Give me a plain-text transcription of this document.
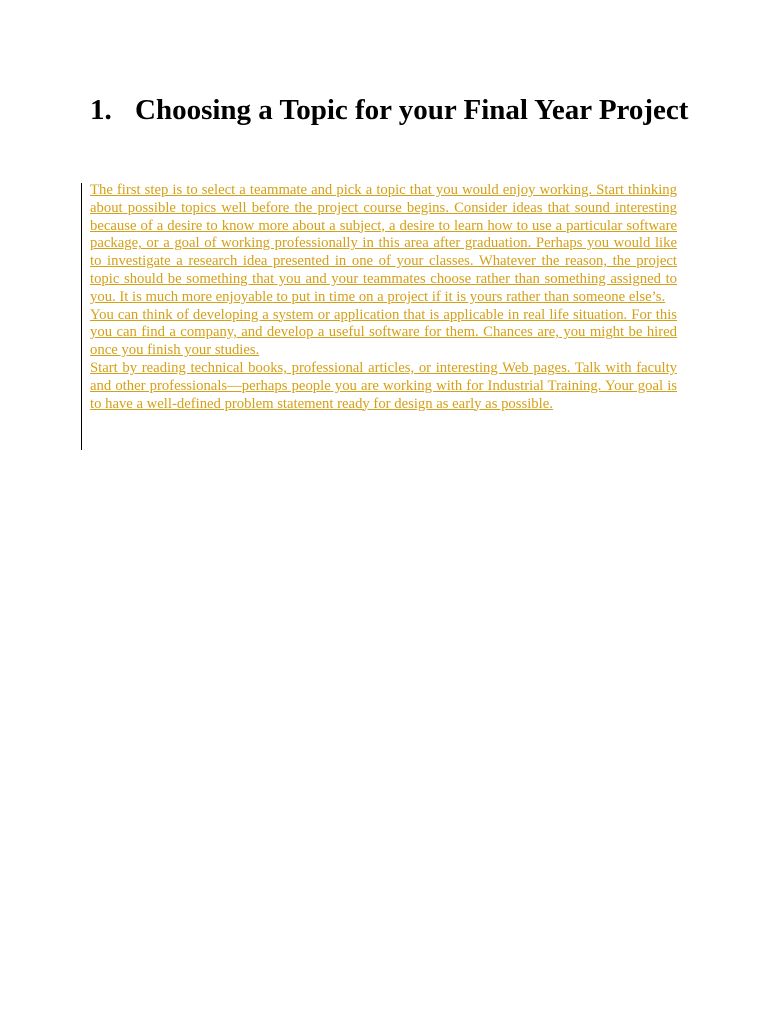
1. Choosing a Topic for your Final Year Project

The first step is to select a teammate and pick a topic that you would enjoy working. Start thinking about possible topics well before the project course begins. Consider ideas that sound interesting because of a desire to know more about a subject, a desire to learn how to use a particular software package, or a goal of working professionally in this area after graduation. Perhaps you would like to investigate a research idea presented in one of your classes. Whatever the reason, the project topic should be something that you and your teammates choose rather than something assigned to you. It is much more enjoyable to put in time on a project if it is yours rather than someone else’s.

You can think of developing a system or application that is applicable in real life situation. For this you can find a company, and develop a useful software for them. Chances are, you might be hired once you finish your studies.

Start by reading technical books, professional articles, or interesting Web pages. Talk with faculty and other professionals—perhaps people you are working with for Industrial Training. Your goal is to have a well-defined problem statement ready for design as early as possible.
